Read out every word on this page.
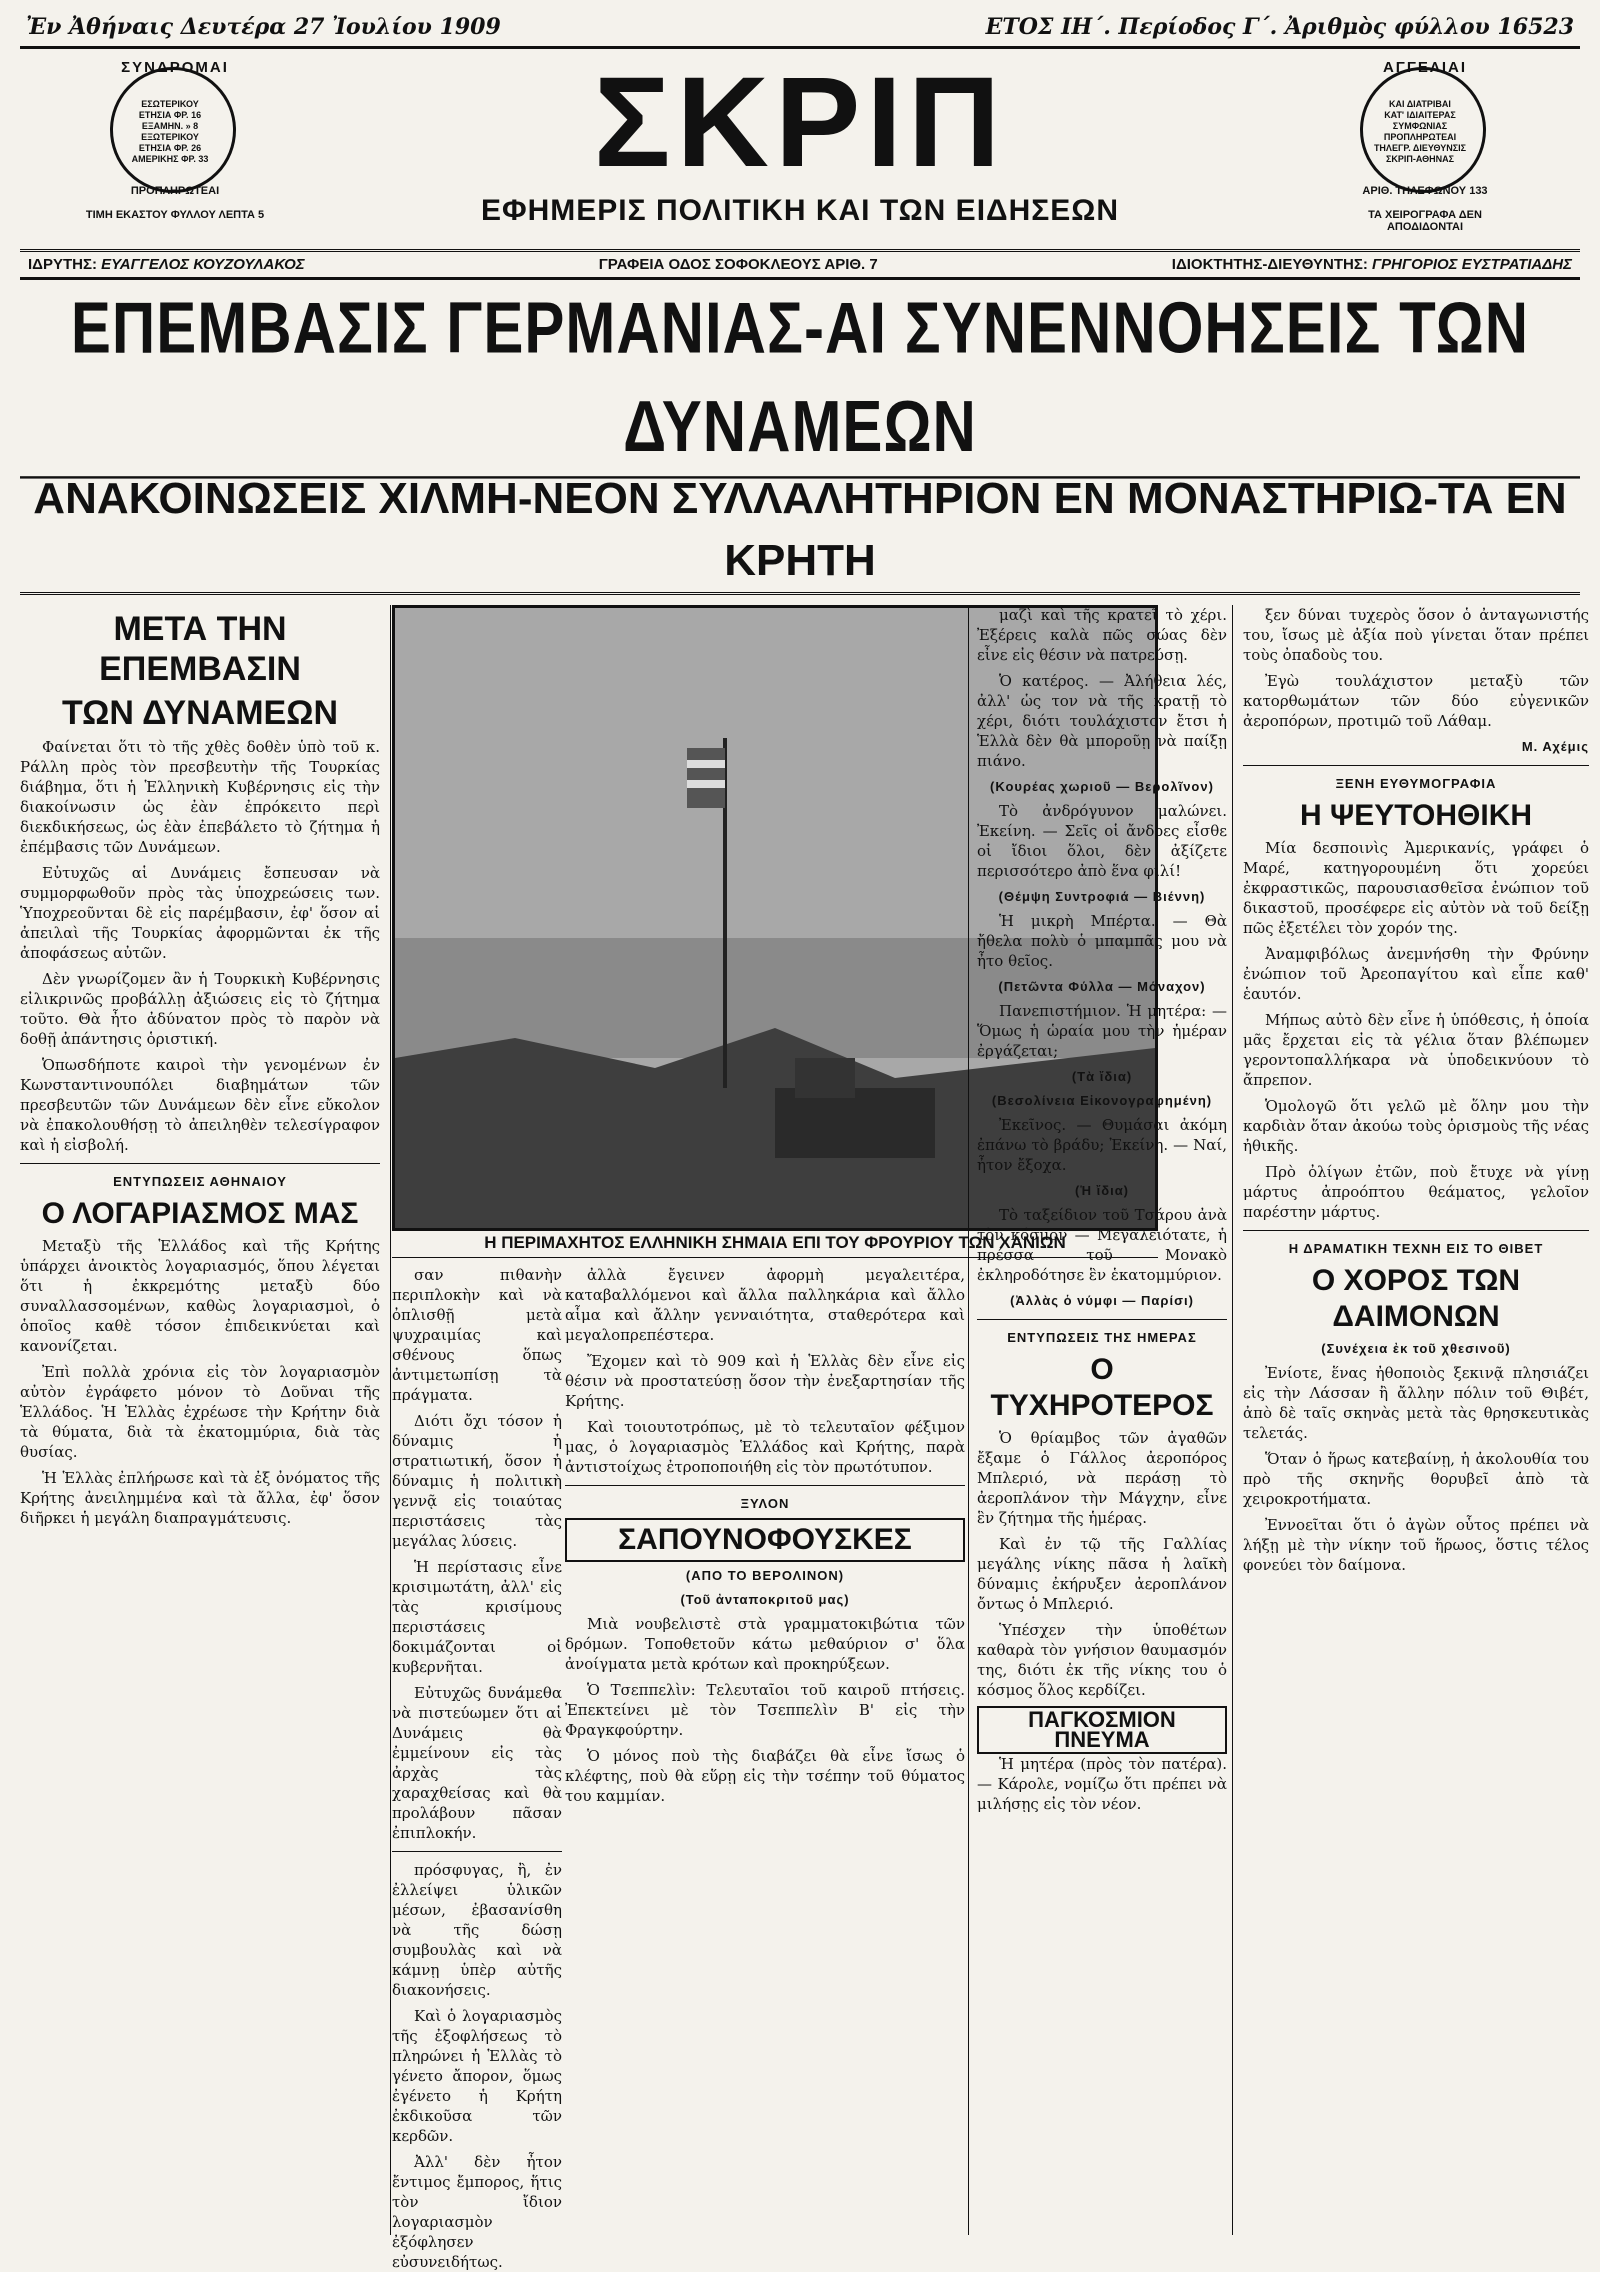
Ἐν Ἀθήναις Δευτέρα 27 Ἰουλίου 1909	ΕΤΟΣ ΙΗ΄. Περίοδος Γ΄. Ἀριθμὸς φύλλου 16523
ΣΥΝΔΡΟΜΑΙ
ΕΣΩΤΕΡΙΚΟΥ
ΕΤΗΣΙΑ ΦΡ. 16
ΕΞΑΜΗΝ. » 8
ΕΞΩΤΕΡΙΚΟΥ
ΕΤΗΣΙΑ ΦΡ. 26
ΑΜΕΡΙΚΗΣ ΦΡ. 33
ΠΡΟΠΛΗΡΩΤΕΑΙ
ΤΙΜΗ ΕΚΑΣΤΟΥ ΦΥΛΛΟΥ ΛΕΠΤΑ 5
ΣΚΡΙΠ
ΕΦΗΜΕΡΙΣ ΠΟΛΙΤΙΚΗ ΚΑΙ ΤΩΝ ΕΙΔΗΣΕΩΝ
ΑΓΓΕΛΙΑΙ
ΚΑΙ ΔΙΑΤΡΙΒΑΙ
ΚΑΤ' ΙΔΙΑΙΤΕΡΑΣ
ΣΥΜΦΩΝΙΑΣ
ΠΡΟΠΛΗΡΩΤΕΑΙ
ΤΗΛΕΓΡ. ΔΙΕΥΘΥΝΣΙΣ
ΣΚΡΙΠ-ΑΘΗΝΑΣ
ΑΡΙΘ. ΤΗΛΕΦΩΝΟΥ 133
ΤΑ ΧΕΙΡΟΓΡΑΦΑ ΔΕΝ ΑΠΟΔΙΔΟΝΤΑΙ
ΙΔΡΥΤΗΣ: ΕΥΑΓΓΕΛΟΣ ΚΟΥΖΟΥΛΑΚΟΣ	ΓΡΑΦΕΙΑ ΟΔΟΣ ΣΟΦΟΚΛΕΟΥΣ ΑΡΙΘ. 7	ΙΔΙΟΚΤΗΤΗΣ-ΔΙΕΥΘΥΝΤΗΣ: ΓΡΗΓΟΡΙΟΣ ΕΥΣΤΡΑΤΙΑΔΗΣ
ΕΠΕΜΒΑΣΙΣ ΓΕΡΜΑΝΙΑΣ-ΑΙ ΣΥΝΕΝΝΟΗΣΕΙΣ ΤΩΝ ΔΥΝΑΜΕΩΝ
ΑΝΑΚΟΙΝΩΣΕΙΣ ΧΙΛΜΗ-ΝΕΟΝ ΣΥΛΛΑΛΗΤΗΡΙΟΝ ΕΝ ΜΟΝΑΣΤΗΡΙΩ-ΤΑ ΕΝ ΚΡΗΤΗ
ΜΕΤΑ ΤΗΝ ΕΠΕΜΒΑΣΙΝ
ΤΩΝ ΔΥΝΑΜΕΩΝ

Φαίνεται ὅτι τὸ τῆς χθὲς δοθὲν ὑπὸ τοῦ κ. Ράλλη πρὸς τὸν πρεσβευτὴν τῆς Τουρκίας διάβημα, ὅτι ἡ Ἑλληνικὴ Κυβέρνησις εἰς τὴν διακοίνωσιν ὡς ἐὰν ἐπρόκειτο περὶ διεκδικήσεως, ὡς ἐὰν ἐπεβάλετο τὸ ζήτημα ἡ ἐπέμβασις τῶν Δυνάμεων.

Εὐτυχῶς αἱ Δυνάμεις ἔσπευσαν νὰ συμμορφωθοῦν πρὸς τὰς ὑποχρεώσεις των. Ὑποχρεοῦνται δὲ εἰς παρέμβασιν, ἐφ' ὅσον αἱ ἀπειλαὶ τῆς Τουρκίας ἀφορμῶνται ἐκ τῆς ἀποφάσεως αὐτῶν.

Δὲν γνωρίζομεν ἂν ἡ Τουρκικὴ Κυβέρνησις εἰλικρινῶς προβάλλῃ ἀξιώσεις εἰς τὸ ζήτημα τοῦτο. Θὰ ἦτο ἀδύνατον πρὸς τὸ παρὸν νὰ δοθῇ ἀπάντησις ὁριστική.

Ὁπωσδήποτε καιροὶ τὴν γενομένων ἐν Κωνσταντινουπόλει διαβημάτων τῶν πρεσβευτῶν τῶν Δυνάμεων δὲν εἶνε εὔκολον νὰ ἐπακολουθήσῃ τὸ ἀπειληθὲν τελεσίγραφον καὶ ἡ εἰσβολή.

ΕΝΤΥΠΩΣΕΙΣ ΑΘΗΝΑΙΟΥ
Ο ΛΟΓΑΡΙΑΣΜΟΣ ΜΑΣ

Μεταξὺ τῆς Ἑλλάδος καὶ τῆς Κρήτης ὑπάρχει ἀνοικτὸς λογαριασμός, ὅπου λέγεται ὅτι ἡ ἐκκρεμότης μεταξὺ δύο συναλλασσομένων, καθὼς λογαριασμοὶ, ὁ ὁποῖος καθὲ τόσον ἐπιδεικνύεται καὶ κανονίζεται.

Ἐπὶ πολλὰ χρόνια εἰς τὸν λογαριασμὸν αὐτὸν ἐγράφετο μόνον τὸ Δοῦναι τῆς Ἑλλάδος. Ἡ Ἑλλὰς ἐχρέωσε τὴν Κρήτην διὰ τὰ θύματα, διὰ τὰ ἐκατομμύρια, διὰ τὰς θυσίας.

Ἡ Ἑλλὰς ἐπλήρωσε καὶ τὰ ἐξ ὀνόματος τῆς Κρήτης ἀνειλημμένα καὶ τὰ ἄλλα, ἐφ' ὅσον διῆρκει ἡ μεγάλη διαπραγμάτευσις.

Η ΠΕΡΙΜΑΧΗΤΟΣ ΕΛΛΗΝΙΚΗ ΣΗΜΑΙΑ ΕΠΙ ΤΟΥ ΦΡΟΥΡΙΟΥ ΤΩΝ ΧΑΝΙΩΝ

σαν πιθανὴν περιπλοκὴν καὶ νὰ ὀπλισθῇ μετὰ ψυχραιμίας καὶ σθένους ὅπως ἀντιμετωπίσῃ τὰ πράγματα.

Διότι ὄχι τόσον ἡ δύναμις ἡ στρατιωτική, ὅσον ἡ δύναμις ἡ πολιτικὴ γεννᾷ εἰς τοιαύτας περιστάσεις τὰς μεγάλας λύσεις.

Ἡ περίστασις εἶνε κρισιμωτάτη, ἀλλ' εἰς τὰς κρισίμους περιστάσεις δοκιμάζονται οἱ κυβερνῆται.

Εὐτυχῶς δυνάμεθα νὰ πιστεύωμεν ὅτι αἱ Δυνάμεις θὰ ἐμμείνουν εἰς τὰς ἀρχὰς τὰς χαραχθείσας καὶ θὰ προλάβουν πᾶσαν ἐπιπλοκήν.

πρόσφυγας, ἢ, ἐν ἐλλείψει ὑλικῶν μέσων, ἐβασανίσθη νὰ τῆς δώσῃ συμβουλὰς καὶ νὰ κάμνῃ ὑπὲρ αὐτῆς διακονήσεις.

Καὶ ὁ λογαριασμὸς τῆς ἐξοφλήσεως τὸ πληρώνει ἡ Ἑλλὰς τὸ γένετο ἄπορον, ὅμως ἐγένετο ἡ Κρήτη ἐκδικοῦσα τῶν κερδῶν.

Ἀλλ' δὲν ἦτον ἔντιμος ἔμπορος, ἥτις τὸν ἴδιον λογαριασμὸν ἐξόφλησεν εὐσυνειδήτως.

ἀλλὰ ἔγεινεν ἀφορμὴ μεγαλειτέρα, καταβαλλόμενοι καὶ ἄλλα παλληκάρια καὶ ἄλλο αἷμα καὶ ἄλλην γενναιότητα, σταθερότερα καὶ μεγαλοπρεπέστερα.

Ἔχομεν καὶ τὸ 909 καὶ ἡ Ἑλλὰς δὲν εἶνε εἰς θέσιν νὰ προστατεύσῃ ὅσον τὴν ἐνεξαρτησίαν τῆς Κρήτης.

Καὶ τοιουτοτρόπως, μὲ τὸ τελευταῖον φέξιμον μας, ὁ λογαριασμὸς Ἑλλάδος καὶ Κρήτης, παρὰ ἀντιστοίχως ἐτροποποιήθη εἰς τὸν πρωτότυπον.

ΞΥΛΟΝ
ΣΑΠΟΥΝΟΦΟΥΣΚΕΣ
(ΑΠΟ ΤΟ ΒΕΡΟΛΙΝΟΝ)
(Τοῦ ἀνταποκριτοῦ μας)

Μιὰ νουβελιστὲ στὰ γραμματοκιβώτια τῶν δρόμων. Τοποθετοῦν κάτω μεθαύριον σ' ὅλα ἀνοίγματα μετὰ κρότων καὶ προκηρύξεων.

Ὁ Τσεππελὶν: Τελευταῖοι τοῦ καιροῦ πτήσεις. Ἐπεκτείνει μὲ τὸν Τσεππελὶν Β' εἰς τὴν Φραγκφούρτην.

Ὁ μόνος ποὺ τὴς διαβάζει θὰ εἶνε ἴσως ὁ κλέφτης, ποὺ θὰ εὕρῃ εἰς τὴν τσέπην τοῦ θύματος του καμμίαν.

μαζὶ καὶ τῆς κρατεῖ τὸ χέρι. Ἐξέρεις καλὰ πῶς σώας δὲν εἶνε εἰς θέσιν νὰ πατρεύσῃ.

Ὁ κατέρος. — Ἀλήθεια λές, ἀλλ' ὡς τον νὰ τῆς κρατῇ τὸ χέρι, διότι τουλάχιστον ἔτσι ἡ Ἑλλὰ δὲν θὰ μποροῦῃ νὰ παίξῃ πιάνο.

(Κουρέας χωριοῦ — Βερολῖνον)

Τὸ ἀνδρόγυνον μαλώνει. Ἐκείνη. — Σεῖς οἱ ἄνδρες εἶσθε οἱ ἴδιοι ὅλοι, δὲν ἀξίζετε περισσότερο ἀπὸ ἕνα φιλί!

(Θέμψη Συντροφιά — Βιέννη)

Ἡ μικρὴ Μπέρτα. — Θὰ ἤθελα πολὺ ὁ μπαμπᾶς μου νὰ ἦτο θεῖος.

(Πετῶντα Φύλλα — Μόναχον)

Πανεπιστήμιον. Ἡ μητέρα: — Ὅμως ἡ ὡραία μου τὴν ἡμέραν ἐργάζεται;

(Τὰ ἴδια)
(Βεσολίνεια Εἰκονογραφημένη)

Ἐκεῖνος. — Θυμάσαι ἀκόμη ἐπάνω τὸ βράδυ; Ἐκείνη. — Ναί, ἦτον ἔξοχα.

(Ἡ ἴδια)

Τὸ ταξείδιον τοῦ Τσάρου ἀνὰ τὸν κόσμον — Μεγαλειότατε, ἡ πρέσσα τοῦ Μονακὸ ἐκληροδότησε ἓν ἑκατομμύριον.

(Ἀλλὰς ὁ νύμφι — Παρίσι)
ΕΝΤΥΠΩΣΕΙΣ ΤΗΣ ΗΜΕΡΑΣ
Ο ΤΥΧΗΡΟΤΕΡΟΣ

Ὁ θρίαμβος τῶν ἀγαθῶν ἔξαμε ὁ Γάλλος ἀεροπόρος Μπλεριό, νὰ περάσῃ τὸ ἀεροπλάνον τὴν Μάγχην, εἶνε ἓν ζήτημα τῆς ἡμέρας.

Καὶ ἐν τῷ τῆς Γαλλίας μεγάλης νίκης πᾶσα ἡ λαῖκὴ δύναμις ἐκήρυξεν ἀεροπλάνον ὄντως ὁ Μπλεριό.

Ὑπέσχεν τὴν ὑποθέτων καθαρὰ τὸν γνήσιον θαυμασμόν της, διότι ἐκ τῆς νίκης του ὁ κόσμος ὅλος κερδίζει.

ΠΑΓΚΟΣΜΙΟΝ ΠΝΕΥΜΑ

Ἡ μητέρα (πρὸς τὸν πατέρα). — Κάρολε, νομίζω ὅτι πρέπει νὰ μιλήσῃς εἰς τὸν νέον.

ξεν δύναι τυχερὸς ὅσον ὁ ἀνταγωνιστής του, ἴσως μὲ ἀξία ποὺ γίνεται ὅταν πρέπει τοὺς ὀπαδοὺς του.

Ἐγὼ τουλάχιστον μεταξὺ τῶν κατορθωμάτων τῶν δύο εὐγενικῶν ἀεροπόρων, προτιμῶ τοῦ Λάθαμ.

Μ. Αχέμις
ΞΕΝΗ ΕΥΘΥΜΟΓΡΑΦΙΑ
Η ΨΕΥΤΟΗΘΙΚΗ

Μία δεσποινὶς Ἀμερικανίς, γράφει ὁ Μαρέ, κατηγορουμένη ὅτι χορεύει ἐκφραστικῶς, παρουσιασθεῖσα ἐνώπιον τοῦ δικαστοῦ, προσέφερε εἰς αὐτὸν νὰ τοῦ δείξῃ πῶς ἐξετέλει τὸν χορόν της.

Ἀναμφιβόλως ἀνεμνήσθη τὴν Φρύνην ἐνώπιον τοῦ Ἀρεοπαγίτου καὶ εἶπε καθ' ἑαυτόν.

Μήπως αὐτὸ δὲν εἶνε ἡ ὑπόθεσις, ἡ ὁποία μᾶς ἔρχεται εἰς τὰ γέλια ὅταν βλέπωμεν γεροντοπαλλήκαρα νὰ ὑποδεικνύουν τὸ ἄπρεπον.

Ὁμολογῶ ὅτι γελῶ μὲ ὅλην μου τὴν καρδιὰν ὅταν ἀκούω τοὺς ὁρισμοὺς τῆς νέας ἠθικῆς.

Πρὸ ὀλίγων ἐτῶν, ποὺ ἔτυχε νὰ γίνῃ μάρτυς ἀπροόπτου θεάματος, γελοῖον παρέστην μάρτυς.

Η ΔΡΑΜΑΤΙΚΗ ΤΕΧΝΗ ΕΙΣ ΤΟ ΘΙΒΕΤ
Ο ΧΟΡΟΣ ΤΩΝ ΔΑΙΜΟΝΩΝ
(Συνέχεια ἐκ τοῦ χθεσινοῦ)

Ἐνίοτε, ἕνας ἠθοποιὸς ξεκινᾷ πλησιάζει εἰς τὴν Λάσσαν ἢ ἄλλην πόλιν τοῦ Θιβέτ, ἀπὸ δὲ ταῖς σκηνὰς μετὰ τὰς θρησκευτικὰς τελετάς.

Ὅταν ὁ ἥρως κατεβαίνῃ, ἡ ἀκολουθία του πρὸ τῆς σκηνῆς θορυβεῖ ἀπὸ τὰ χειροκροτήματα.

Ἐννοεῖται ὅτι ὁ ἀγὼν οὗτος πρέπει νὰ λήξῃ μὲ τὴν νίκην τοῦ ἥρωος, ὅστις τέλος φονεύει τὸν δαίμονα.
